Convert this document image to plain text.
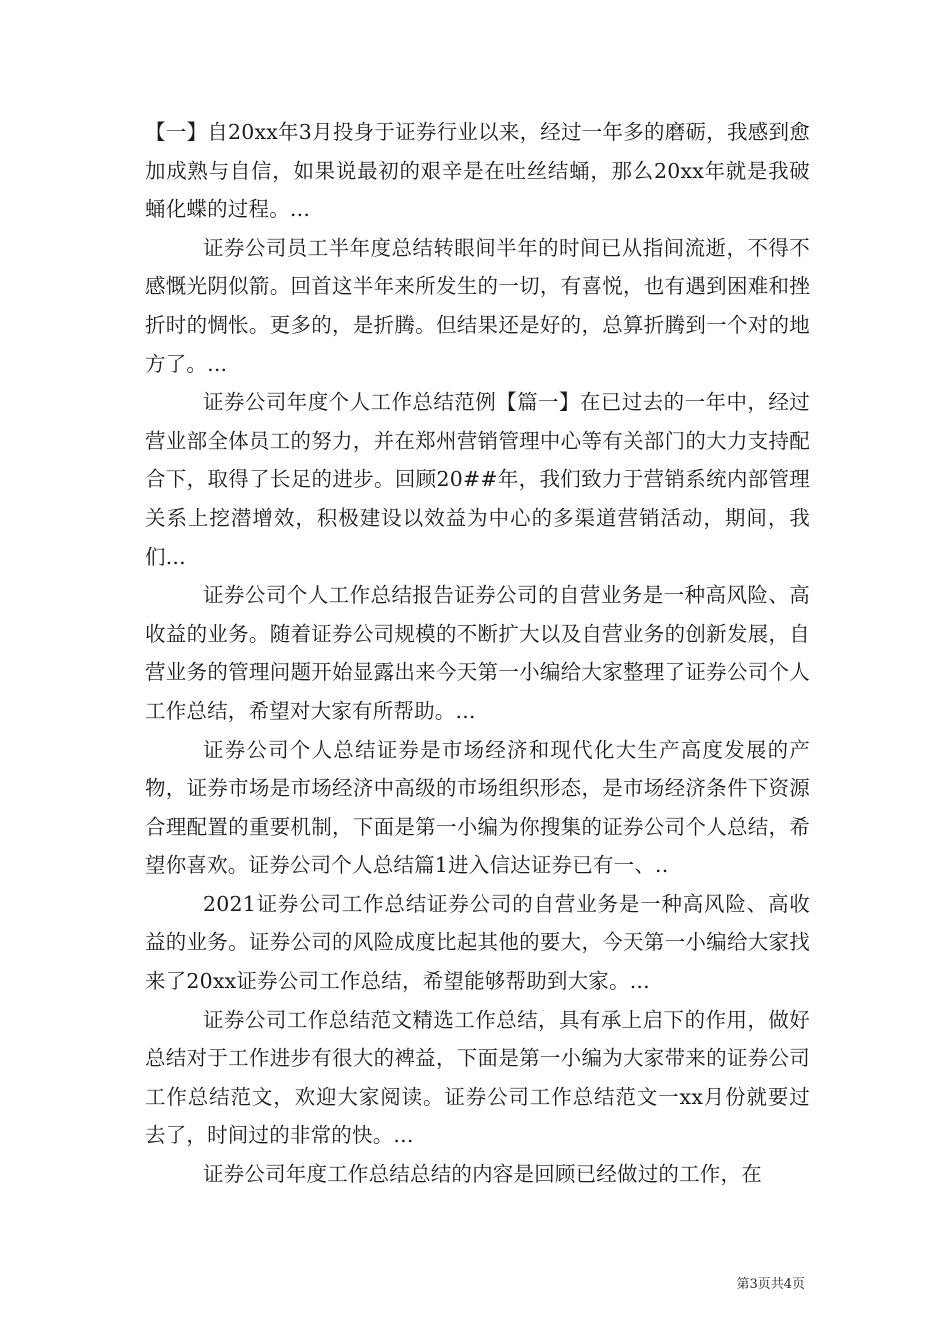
【一】自20xx年3月投身于证券行业以来，经过一年多的磨砺，我感到愈加成熟与自信，如果说最初的艰辛是在吐丝结蛹，那么20xx年就是我破蛹化蝶的过程。...

证券公司员工半年度总结转眼间半年的时间已从指间流逝，不得不感慨光阴似箭。回首这半年来所发生的一切，有喜悦，也有遇到困难和挫折时的惆怅。更多的，是折腾。但结果还是好的，总算折腾到一个对的地方了。...

证券公司年度个人工作总结范例【篇一】在已过去的一年中，经过营业部全体员工的努力，并在郑州营销管理中心等有关部门的大力支持配合下，取得了长足的进步。回顾20##年，我们致力于营销系统内部管理关系上挖潜增效，积极建设以效益为中心的多渠道营销活动，期间，我们...

证券公司个人工作总结报告证券公司的自营业务是一种高风险、高收益的业务。随着证券公司规模的不断扩大以及自营业务的创新发展，自营业务的管理问题开始显露出来今天第一小编给大家整理了证券公司个人工作总结，希望对大家有所帮助。...

证券公司个人总结证券是市场经济和现代化大生产高度发展的产物，证券市场是市场经济中高级的市场组织形态，是市场经济条件下资源合理配置的重要机制，下面是第一小编为你搜集的证券公司个人总结，希望你喜欢。证券公司个人总结篇1进入信达证券已有一、..

2021证券公司工作总结证券公司的自营业务是一种高风险、高收益的业务。证券公司的风险成度比起其他的要大，今天第一小编给大家找来了20xx证券公司工作总结，希望能够帮助到大家。...

证券公司工作总结范文精选工作总结，具有承上启下的作用，做好总结对于工作进步有很大的裨益，下面是第一小编为大家带来的证券公司工作总结范文，欢迎大家阅读。证券公司工作总结范文一xx月份就要过去了，时间过的非常的快。...

证券公司年度工作总结总结的内容是回顾已经做过的工作，在

第3页共4页
